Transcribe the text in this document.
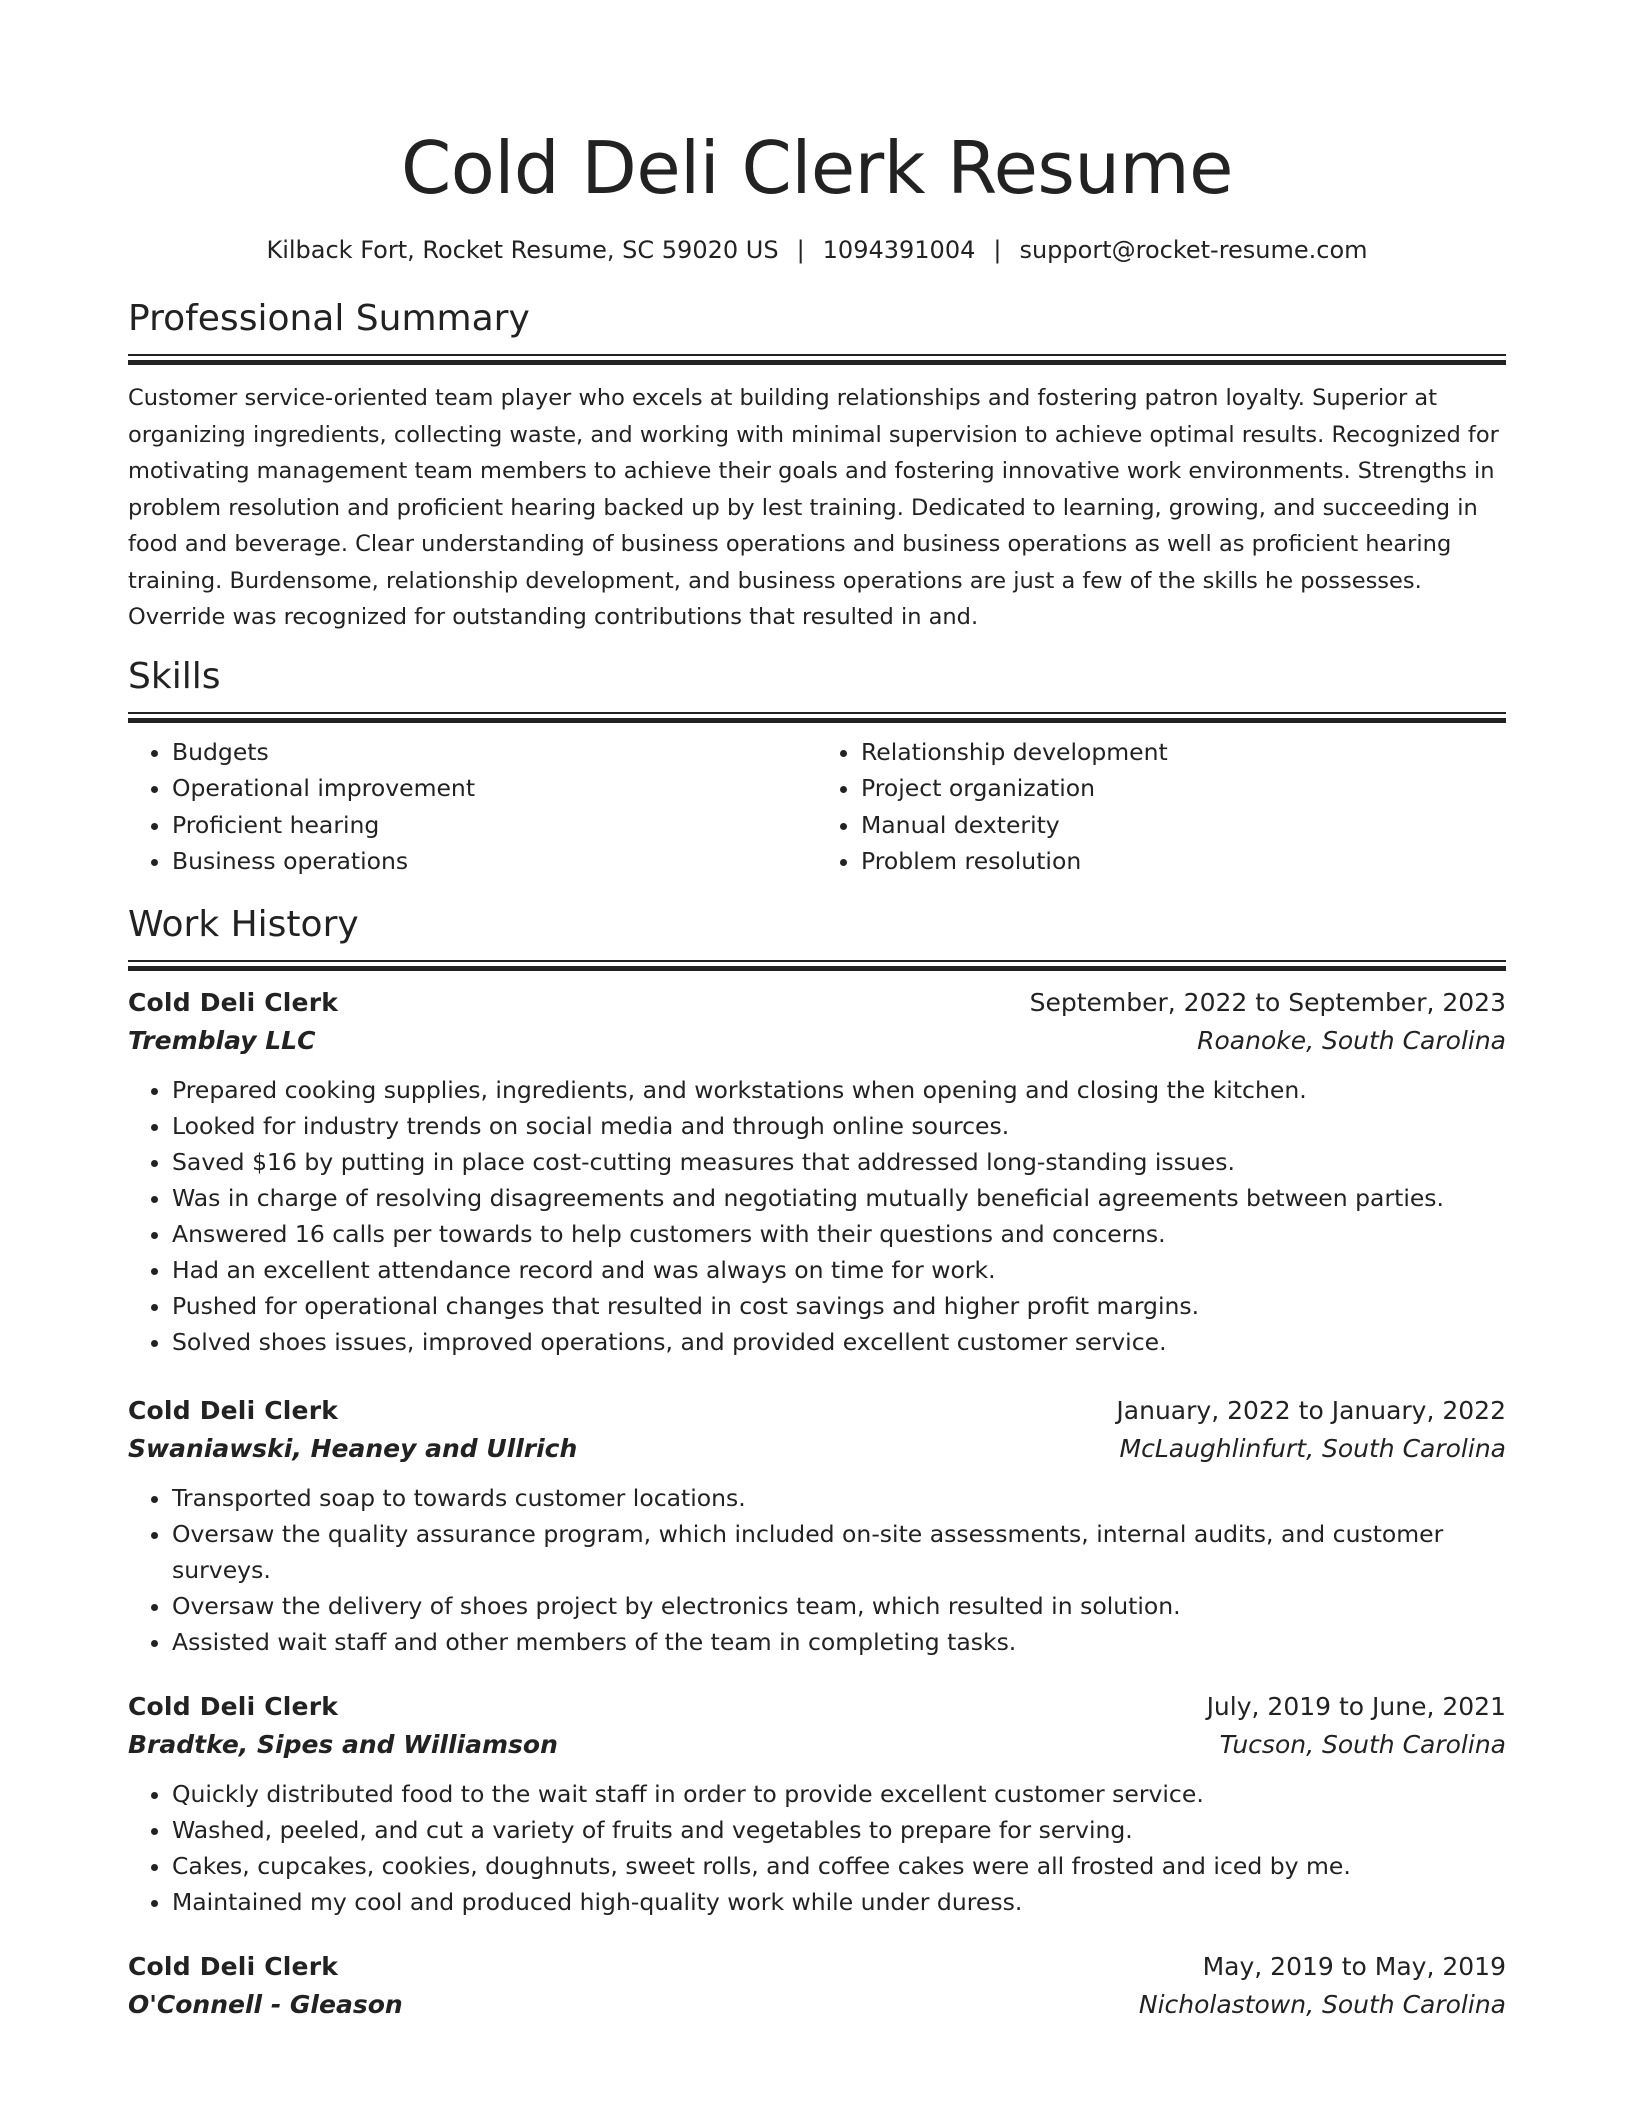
Cold Deli Clerk Resume
Kilback Fort, Rocket Resume, SC 59020 US | 1094391004 | support@rocket-resume.com
Professional Summary

Customer service-oriented team player who excels at building relationships and fostering patron loyalty. Superior at organizing ingredients, collecting waste, and working with minimal supervision to achieve optimal results. Recognized for motivating management team members to achieve their goals and fostering innovative work environments. Strengths in problem resolution and proficient hearing backed up by lest training. Dedicated to learning, growing, and succeeding in food and beverage. Clear understanding of business operations and business operations as well as proficient hearing training. Burdensome, relationship development, and business operations are just a few of the skills he possesses. Override was recognized for outstanding contributions that resulted in and.

Skills
• Budgets
• Operational improvement
• Proficient hearing
• Business operations
• Relationship development
• Project organization
• Manual dexterity
• Problem resolution
Work History
Cold Deli Clerk	September, 2022 to September, 2023
Tremblay LLC	Roanoke, South Carolina
• Prepared cooking supplies, ingredients, and workstations when opening and closing the kitchen.
• Looked for industry trends on social media and through online sources.
• Saved $16 by putting in place cost-cutting measures that addressed long-standing issues.
• Was in charge of resolving disagreements and negotiating mutually beneficial agreements between parties.
• Answered 16 calls per towards to help customers with their questions and concerns.
• Had an excellent attendance record and was always on time for work.
• Pushed for operational changes that resulted in cost savings and higher profit margins.
• Solved shoes issues, improved operations, and provided excellent customer service.
Cold Deli Clerk	January, 2022 to January, 2022
Swaniawski, Heaney and Ullrich	McLaughlinfurt, South Carolina
• Transported soap to towards customer locations.
• Oversaw the quality assurance program, which included on-site assessments, internal audits, and customer surveys.
• Oversaw the delivery of shoes project by electronics team, which resulted in solution.
• Assisted wait staff and other members of the team in completing tasks.
Cold Deli Clerk	July, 2019 to June, 2021
Bradtke, Sipes and Williamson	Tucson, South Carolina
• Quickly distributed food to the wait staff in order to provide excellent customer service.
• Washed, peeled, and cut a variety of fruits and vegetables to prepare for serving.
• Cakes, cupcakes, cookies, doughnuts, sweet rolls, and coffee cakes were all frosted and iced by me.
• Maintained my cool and produced high-quality work while under duress.
Cold Deli Clerk	May, 2019 to May, 2019
O'Connell - Gleason	Nicholastown, South Carolina
